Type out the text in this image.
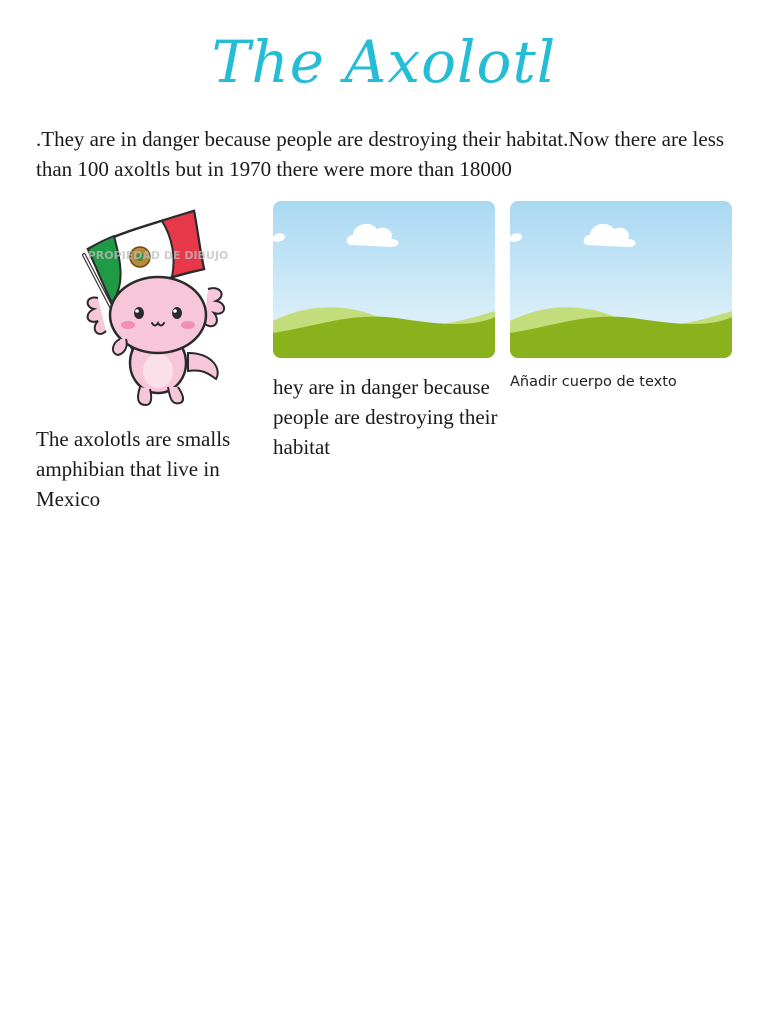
The Axolotl
.They are in danger because people are destroying their habitat.Now there are less than 100 axoltls but in 1970 there were more than 18000
PROPIEDAD DE DIBUJO
The axolotls are smalls amphibian that live in Mexico
hey are in danger because people are destroying their habitat
Añadir cuerpo de texto
